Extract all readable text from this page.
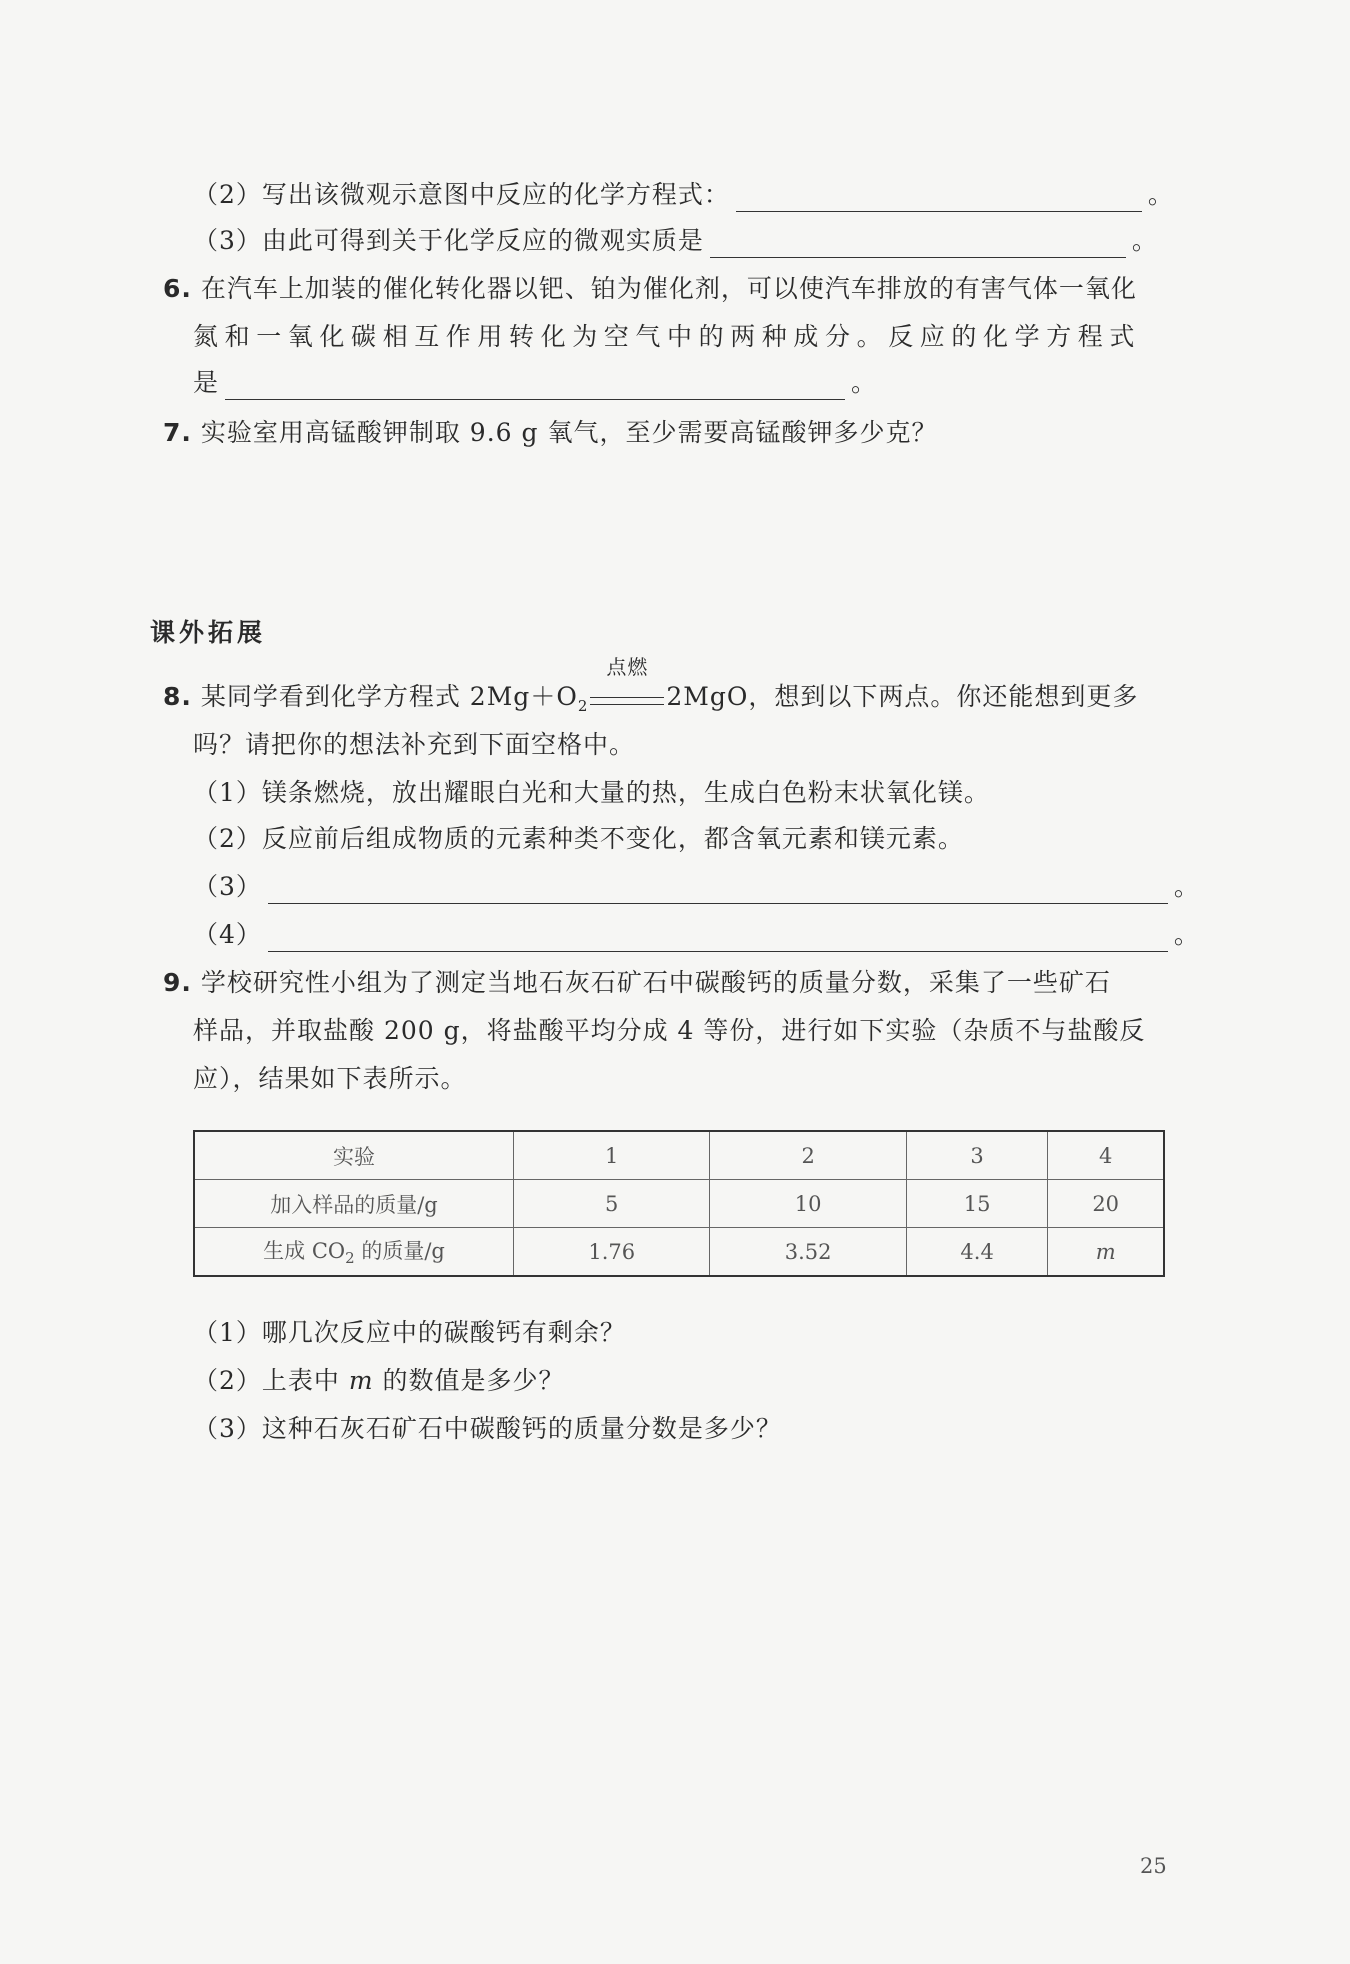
（2）写出该微观示意图中反应的化学方程式：	。
（3）由此可得到关于化学反应的微观实质是	。
6. 在汽车上加装的催化转化器以钯、铂为催化剂，可以使汽车排放的有害气体一氧化
氮和一氧化碳相互作用转化为空气中的两种成分。反应的化学方程式
是	。
7. 实验室用高锰酸钾制取 9.6 g 氧气，至少需要高锰酸钾多少克？
课外拓展
8. 某同学看到化学方程式 $2Mg+O_2$
点燃
2MgO，想到以下两点。你还能想到更多
吗？请把你的想法补充到下面空格中。
（1）镁条燃烧，放出耀眼白光和大量的热，生成白色粉末状氧化镁。
（2）反应前后组成物质的元素种类不变化，都含氧元素和镁元素。
（3）	。
（4）	。
9. 学校研究性小组为了测定当地石灰石矿石中碳酸钙的质量分数，采集了一些矿石
样品，并取盐酸 200 g，将盐酸平均分成 4 等份，进行如下实验（杂质不与盐酸反
应），结果如下表所示。
实验	1	2	3	4
加入样品的质量/g	5	10	15	20
生成 $CO_2$ 的质量/g	1.76	3.52	4.4	m
（1）哪几次反应中的碳酸钙有剩余？
（2）上表中 m 的数值是多少？
（3）这种石灰石矿石中碳酸钙的质量分数是多少？
25
